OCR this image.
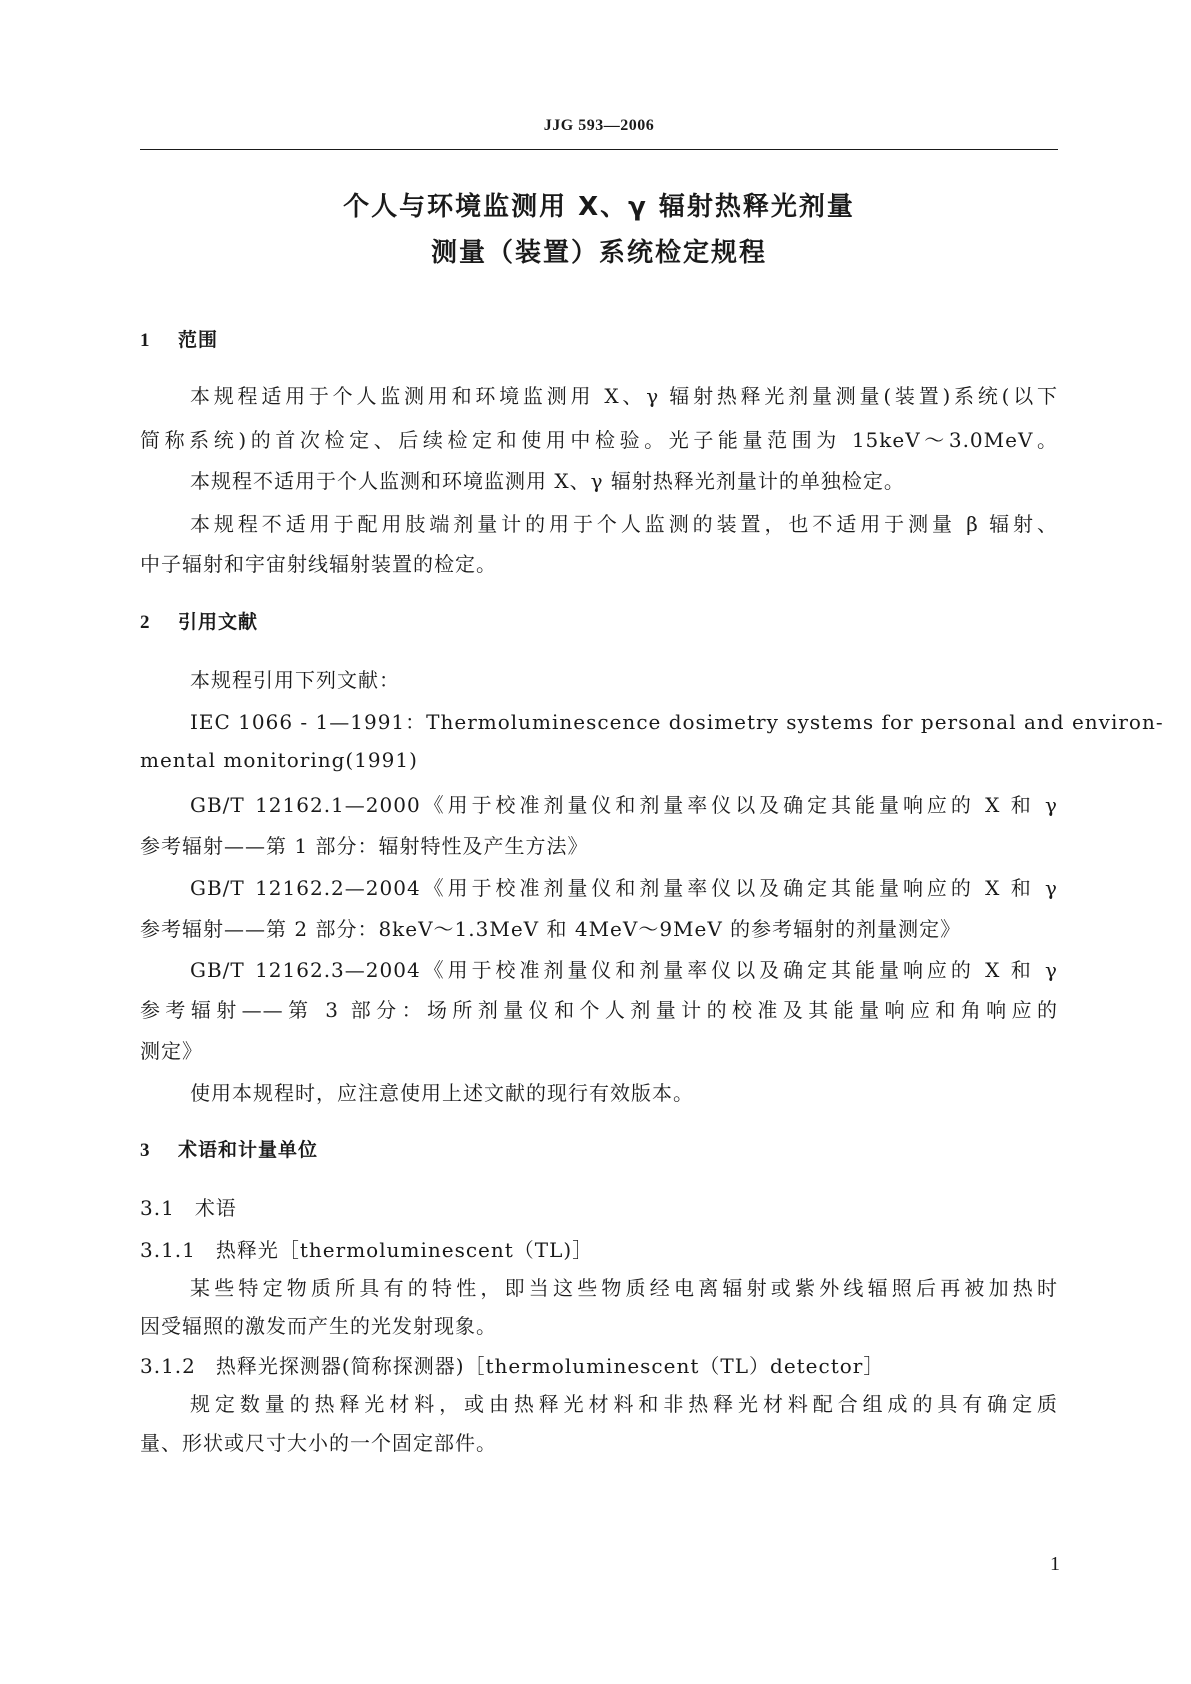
JJG 593—2006
个人与环境监测用 X、γ 辐射热释光剂量
测量（装置）系统检定规程
1 范围
本规程适用于个人监测用和环境监测用 X、γ 辐射热释光剂量测量(装置)系统(以下
简称系统)的首次检定、后续检定和使用中检验。光子能量范围为 15keV～3.0MeV。
本规程不适用于个人监测和环境监测用 X、γ 辐射热释光剂量计的单独检定。
本规程不适用于配用肢端剂量计的用于个人监测的装置，也不适用于测量 β 辐射、
中子辐射和宇宙射线辐射装置的检定。
2 引用文献
本规程引用下列文献：
IEC 1066 - 1—1991：Thermoluminescence dosimetry systems for personal and environ-
mental monitoring(1991)
GB/T 12162.1—2000《用于校准剂量仪和剂量率仪以及确定其能量响应的 X 和 γ
参考辐射——第 1 部分：辐射特性及产生方法》
GB/T 12162.2—2004《用于校准剂量仪和剂量率仪以及确定其能量响应的 X 和 γ
参考辐射——第 2 部分：8keV～1.3MeV 和 4MeV～9MeV 的参考辐射的剂量测定》
GB/T 12162.3—2004《用于校准剂量仪和剂量率仪以及确定其能量响应的 X 和 γ
参考辐射——第 3 部分：场所剂量仪和个人剂量计的校准及其能量响应和角响应的
测定》
使用本规程时，应注意使用上述文献的现行有效版本。
3 术语和计量单位
3.1 术语
3.1.1 热释光［thermoluminescent（TL)］
某些特定物质所具有的特性，即当这些物质经电离辐射或紫外线辐照后再被加热时
因受辐照的激发而产生的光发射现象。
3.1.2 热释光探测器(简称探测器)［thermoluminescent（TL）detector］
规定数量的热释光材料，或由热释光材料和非热释光材料配合组成的具有确定质
量、形状或尺寸大小的一个固定部件。
1
